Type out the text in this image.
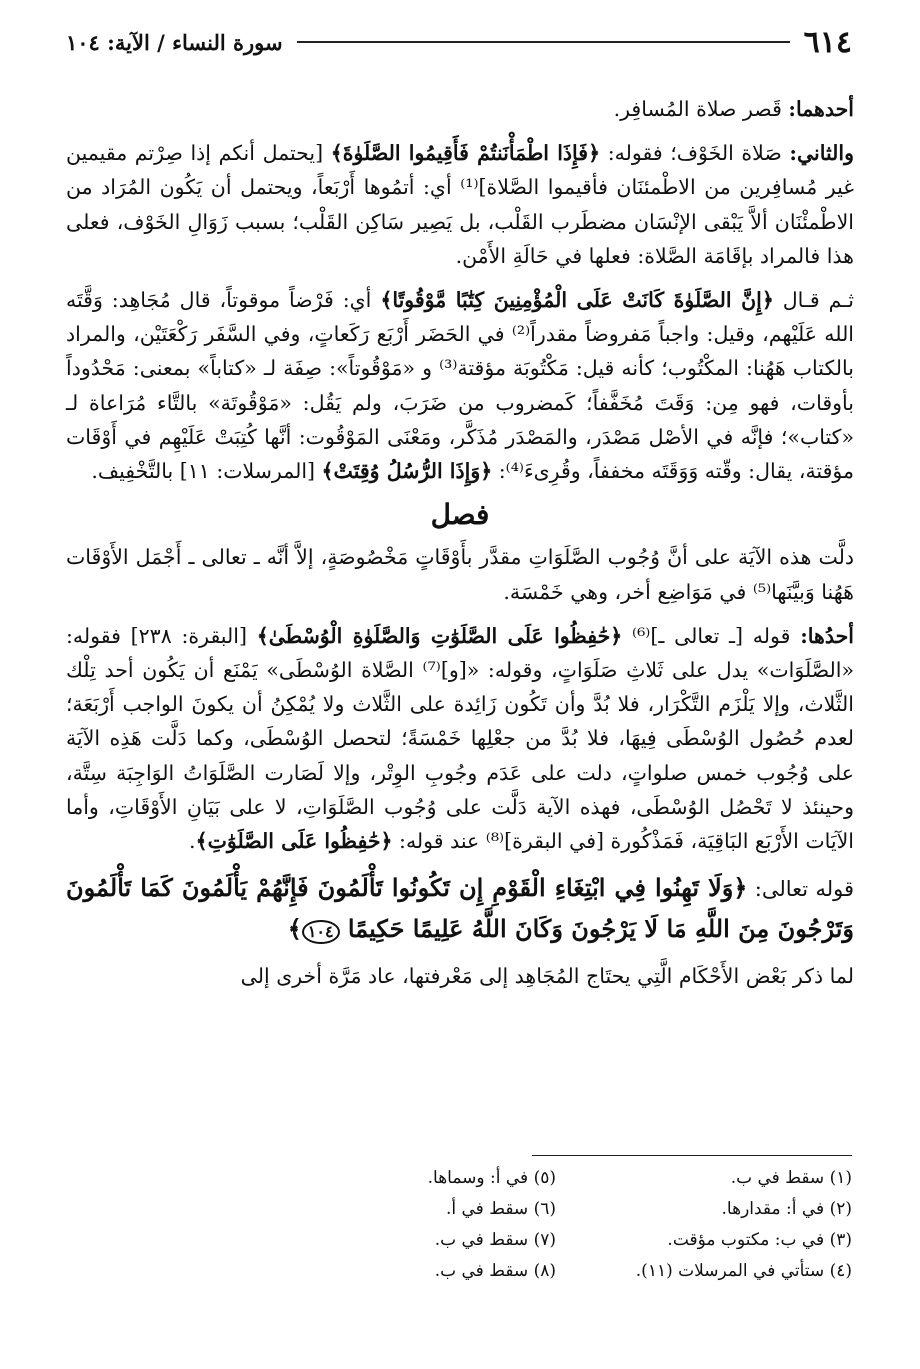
٦١٤
سورة النساء / الآية: ١٠٤

أحدهما: قَصر صلاة المُسافِر.

والثاني: صَلاة الخَوْف؛ فقوله: ﴿فَإِذَا اطْمَأْنَنتُمْ فَأَقِيمُوا الصَّلَوٰةَ﴾ [يحتمل أنكم إذا صِرْتم مقيمين غير مُسافِرين من الاطْمئنَان فأقيموا الصَّلاة]⁽¹⁾ أي: أتمُوها أَرْبَعاً، ويحتمل أن يَكُون المُرَاد من الاطْمئْنَان ألاَّ يَبْقى الإنْسَان مضطَرب القَلْب، بل يَصِير سَاكِن القَلْب؛ بسبب زَوَالِ الخَوْف، فعلى هذا فالمراد بإقَامَة الصَّلاة: فعلها في حَالَةِ الأَمْن.

ثـم قـال ﴿إِنَّ الصَّلَوٰةَ كَانَتْ عَلَى الْمُؤْمِنِينَ كِتَٰبًا مَّوْقُوتًا﴾ أي: فَرْضاً موقوتاً، قال مُجَاهِد: وَقَّتَه الله عَلَيْهم، وقيل: واجباً مَفروضاً مقدراً⁽²⁾ في الحَضَر أَرْبَع رَكَعاتٍ، وفي السَّفَر رَكْعَتَيْن، والمراد بالكتاب هَهُنا: المكْتُوب؛ كأنه قيل: مَكْتُوبَة مؤقتة⁽³⁾ و «مَوْقُوتاً»: صِفَة لـ «كتاباً» بمعنى: مَحْدُوداً بأوقات، فهو مِن: وَقَتَ مُخَفَّفاً؛ كَمضروب من ضَرَبَ، ولم يَقُل: «مَوْقُوتَة» بالتَّاء مُرَاعاة لـ «كتاب»؛ فإنَّه في الأصْل مَصْدَر، والمَصْدَر مُذَكَّر، ومَعْنَى المَوْقُوت: أنَّها كُتِبَتْ عَلَيْهِم في أَوْقَات مؤقتة، يقال: وقّته وَوَقَتَه مخففاً، وقُرِىءَ⁽⁴⁾: ﴿وَإِذَا الرُّسُلُ وُقِتَتْ﴾ [المرسلات: ١١] بالتَّخْفِيف.

فصل

دلَّت هذه الآيَة على أنَّ وُجُوب الصَّلَوَاتِ مقدَّر بأَوْقَاتٍ مَخْصُوصَةٍ، إلاَّ أنَّه ـ تعالى ـ أَجْمَل الأَوْقَات هَهُنا وَبيَّنَها⁽⁵⁾ في مَوَاضِع أخر، وهي خَمْسَة.

أحدُها: قوله [ـ تعالى ـ]⁽⁶⁾ ﴿حَٰفِظُوا عَلَى الصَّلَوَٰتِ وَالصَّلَوٰةِ الْوُسْطَىٰ﴾ [البقرة: ٢٣٨] فقوله: «الصَّلَوَات» يدل على ثَلاثِ صَلَوَاتٍ، وقوله: «[و]⁽⁷⁾ الصَّلاة الوُسْطَى» يَمْنَع أن يَكُون أحد تِلْك الثَّلاث، وإلا يَلْزَم التَّكْرَار، فلا بُدَّ وأن تَكُون زَائِدة على الثَّلاث ولا يُمْكِنُ أن يكونَ الواجب أَرْبَعَة؛ لعدم حُصُول الوُسْطَى فِيهَا، فلا بُدَّ من جعْلِها خَمْسَةً؛ لتحصل الوُسْطَى، وكما دَلَّت هَذِه الآيَة على وُجُوب خمس صلواتٍ، دلت على عَدَم وجُوبِ الوِتْر، وإلا لَصَارت الصَّلَوَاتُ الوَاجِبَة سِتَّة، وحينئذ لا تَحْصُل الوُسْطَى، فهذه الآية دَلَّت على وُجُوب الصَّلَوَاتِ، لا على بَيَانِ الأَوْقَاتِ، وأما الآيَات الأَرْبَع البَاقِيَة، فَمَذْكُورة [في البقرة]⁽⁸⁾ عند قوله: ﴿حَٰفِظُوا عَلَى الصَّلَوَٰتِ﴾.

قوله تعالى: ﴿وَلَا تَهِنُوا فِي ابْتِغَاءِ الْقَوْمِ إِن تَكُونُوا تَأْلَمُونَ فَإِنَّهُمْ يَأْلَمُونَ كَمَا تَأْلَمُونَ وَتَرْجُونَ مِنَ اللَّهِ مَا لَا يَرْجُونَ وَكَانَ اللَّهُ عَلِيمًا حَكِيمًا ١٠٤﴾

لما ذكر بَعْض الأَحْكَام الَّتِي يحتَاج المُجَاهِد إلى مَعْرفتها، عاد مَرَّة أخرى إلى

(١) سقط في ب.
(٢) في أ: مقدارها.
(٣) في ب: مكتوب مؤقت.
(٤) ستأتي في المرسلات (١١).
(٥) في أ: وسماها.
(٦) سقط في أ.
(٧) سقط في ب.
(٨) سقط في ب.
